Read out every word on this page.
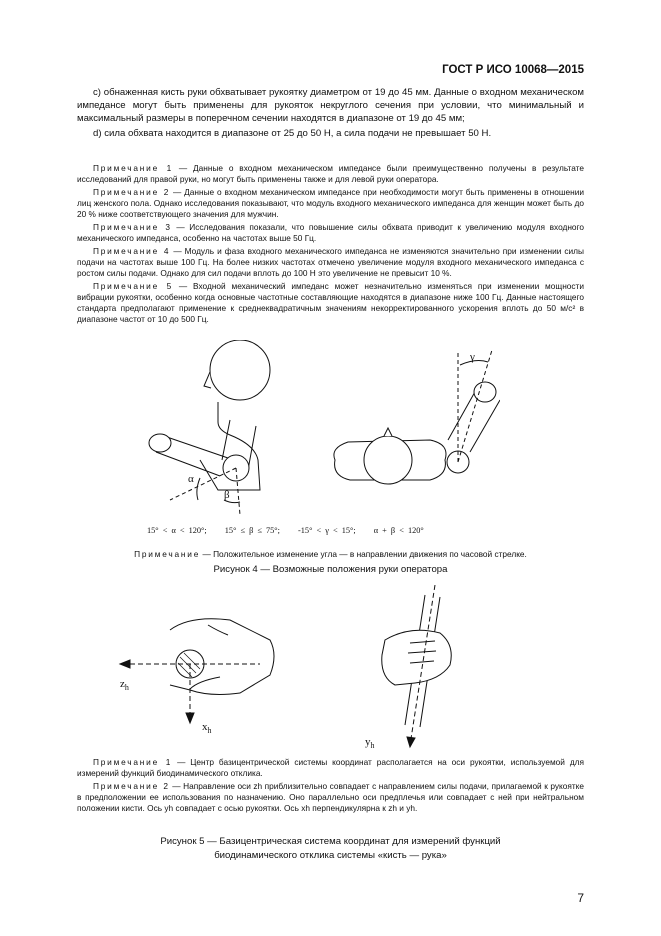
ГОСТ Р ИСО 10068—2015

с) обнаженная кисть руки обхватывает рукоятку диаметром от 19 до 45 мм. Данные о входном механическом импедансе могут быть применены для рукояток некруглого сечения при условии, что минимальный и максимальный размеры в поперечном сечении находятся в диапазоне от 19 до 45 мм;

d) сила обхвата находится в диапазоне от 25 до 50 Н, а сила подачи не превышает 50 Н.

Примечание 1 — Данные о входном механическом импедансе были преимущественно получены в результате исследований для правой руки, но могут быть применены также и для левой руки оператора.

Примечание 2 — Данные о входном механическом импедансе при необходимости могут быть применены в отношении лиц женского пола. Однако исследования показывают, что модуль входного механического импеданса для женщин может быть до 20 % ниже соответствующего значения для мужчин.

Примечание 3 — Исследования показали, что повышение силы обхвата приводит к увеличению модуля входного механического импеданса, особенно на частотах выше 50 Гц.

Примечание 4 — Модуль и фаза входного механического импеданса не изменяются значительно при изменении силы подачи на частотах выше 100 Гц. На более низких частотах отмечено увеличение модуля входного механического импеданса с ростом силы подачи. Однако для сил подачи вплоть до 100 Н это увеличение не превысит 10 %.

Примечание 5 — Входной механический импеданс может незначительно изменяться при изменении мощности вибрации рукоятки, особенно когда основные частотные составляющие находятся в диапазоне ниже 100 Гц. Данные настоящего стандарта предполагают применение к среднеквадратичным значениям некорректированного ускорения вплоть до 50 м/с² в диапазоне частот от 10 до 500 Гц.

α
β
γ
15° < α < 120°; 15° ≤ β ≤ 75°; -15° < γ < 15°; α + β < 120°
Примечание — Положительное изменение угла — в направлении движения по часовой стрелке.
Рисунок 4 — Возможные положения руки оператора
$z_h$
$x_h$
$y_h$

Примечание 1 — Центр базицентрической системы координат располагается на оси рукоятки, используемой для измерений функций биодинамического отклика.

Примечание 2 — Направление оси zh приблизительно совпадает с направлением силы подачи, прилагаемой к рукоятке в предположении ее использования по назначению. Оно параллельно оси предплечья или совпадает с ней при нейтральном положении кисти. Ось yh совпадает с осью рукоятки. Ось xh перпендикулярна к zh и yh.

Рисунок 5 — Базицентрическая система координат для измерений функций
биодинамического отклика системы «кисть — рука»
7
